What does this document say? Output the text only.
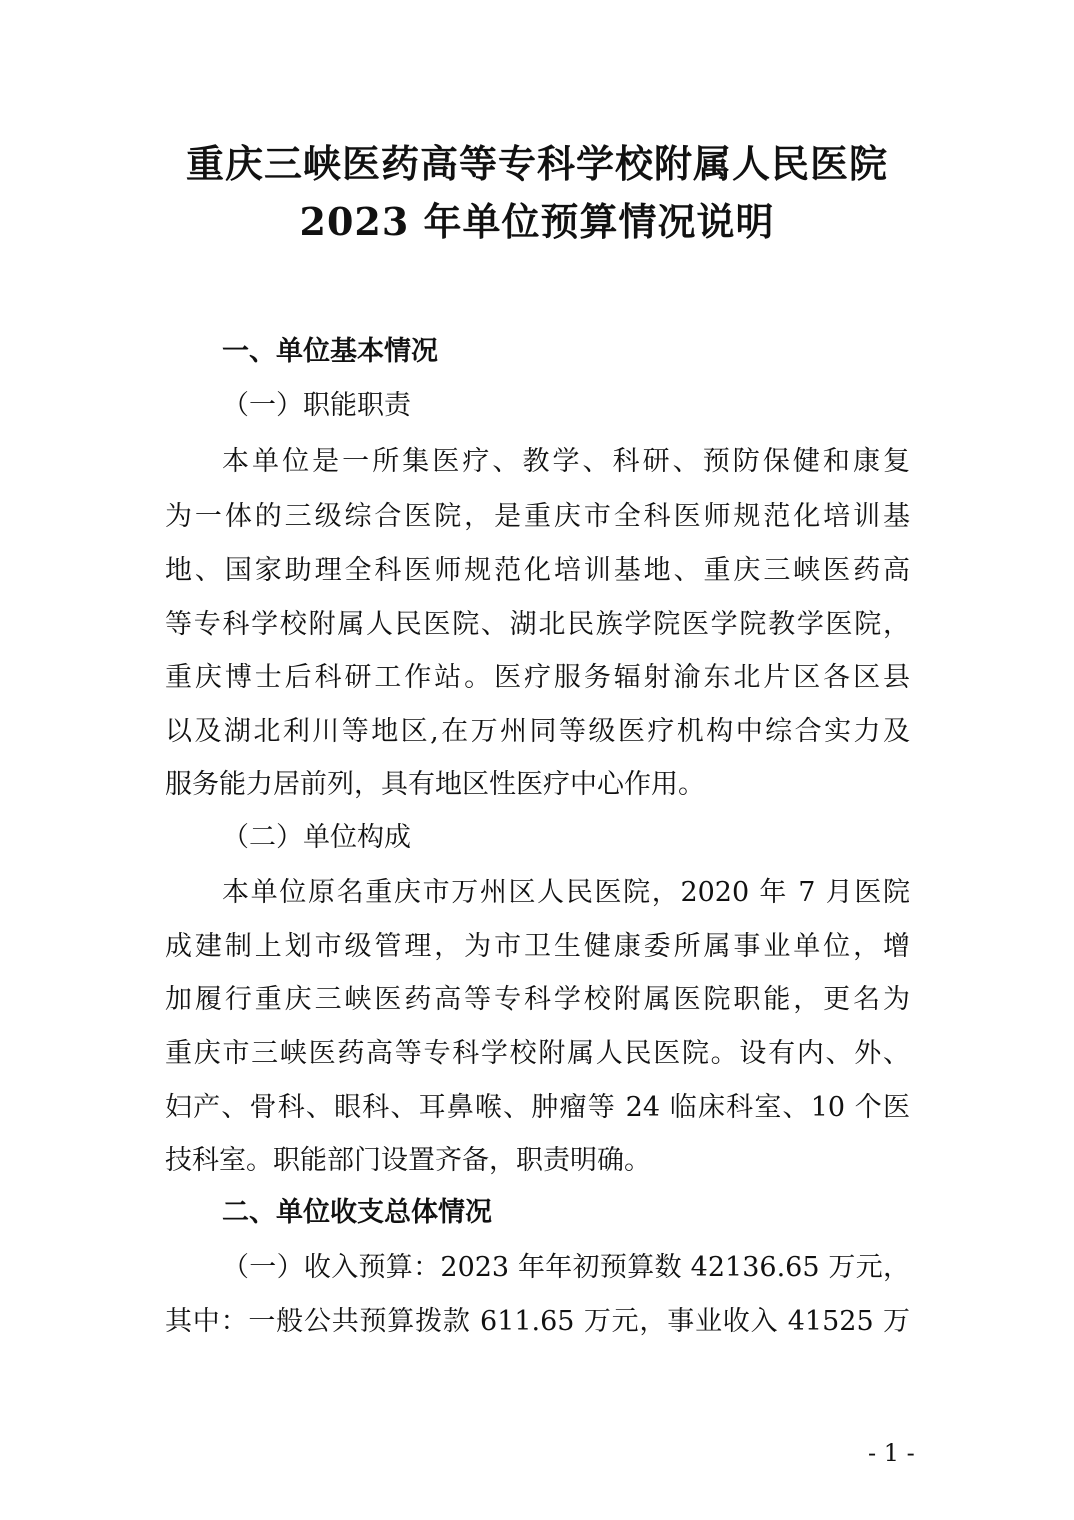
重庆三峡医药高等专科学校附属人民医院
2023 年单位预算情况说明
一、单位基本情况
（一）职能职责
本单位是一所集医疗、教学、科研、预防保健和康复
为一体的三级综合医院，是重庆市全科医师规范化培训基
地、国家助理全科医师规范化培训基地、重庆三峡医药高
等专科学校附属人民医院、湖北民族学院医学院教学医院，
重庆博士后科研工作站。医疗服务辐射渝东北片区各区县
以及湖北利川等地区,在万州同等级医疗机构中综合实力及
服务能力居前列，具有地区性医疗中心作用。
（二）单位构成
本单位原名重庆市万州区人民医院，2020 年 7 月医院
成建制上划市级管理，为市卫生健康委所属事业单位，增
加履行重庆三峡医药高等专科学校附属医院职能，更名为
重庆市三峡医药高等专科学校附属人民医院。设有内、外、
妇产、骨科、眼科、耳鼻喉、肿瘤等 24 临床科室、10 个医
技科室。职能部门设置齐备，职责明确。
二、单位收支总体情况
（一）收入预算：2023 年年初预算数 42136.65 万元，
其中：一般公共预算拨款 611.65 万元，事业收入 41525 万
- 1 -
